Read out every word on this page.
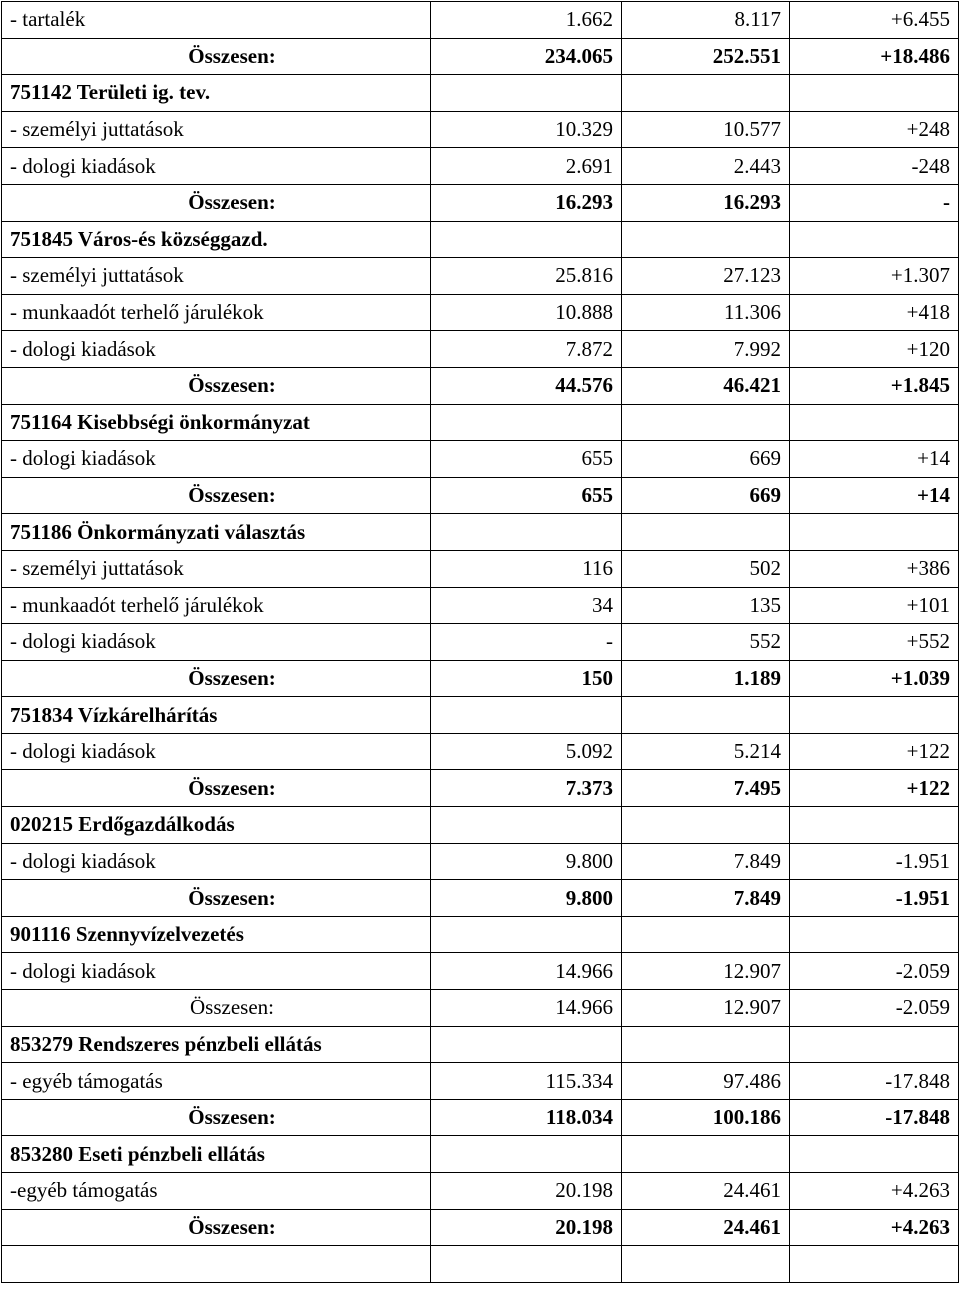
- tartalék	1.662	8.117	+6.455
Összesen:	234.065	252.551	+18.486
751142 Területi ig. tev.			
- személyi juttatások	10.329	10.577	+248
- dologi kiadások	2.691	2.443	-248
Összesen:	16.293	16.293	-
751845 Város-és községgazd.			
- személyi juttatások	25.816	27.123	+1.307
- munkaadót terhelő járulékok	10.888	11.306	+418
- dologi kiadások	7.872	7.992	+120
Összesen:	44.576	46.421	+1.845
751164 Kisebbségi önkormányzat			
- dologi kiadások	655	669	+14
Összesen:	655	669	+14
751186 Önkormányzati választás			
- személyi juttatások	116	502	+386
- munkaadót terhelő járulékok	34	135	+101
- dologi kiadások	-	552	+552
Összesen:	150	1.189	+1.039
751834 Vízkárelhárítás			
- dologi kiadások	5.092	5.214	+122
Összesen:	7.373	7.495	+122
020215 Erdőgazdálkodás			
- dologi kiadások	9.800	7.849	-1.951
Összesen:	9.800	7.849	-1.951
901116 Szennyvízelvezetés			
- dologi kiadások	14.966	12.907	-2.059
Összesen:	14.966	12.907	-2.059
853279 Rendszeres pénzbeli ellátás			
- egyéb támogatás	115.334	97.486	-17.848
Összesen:	118.034	100.186	-17.848
853280 Eseti pénzbeli ellátás			
-egyéb támogatás	20.198	24.461	+4.263
Összesen:	20.198	24.461	+4.263
